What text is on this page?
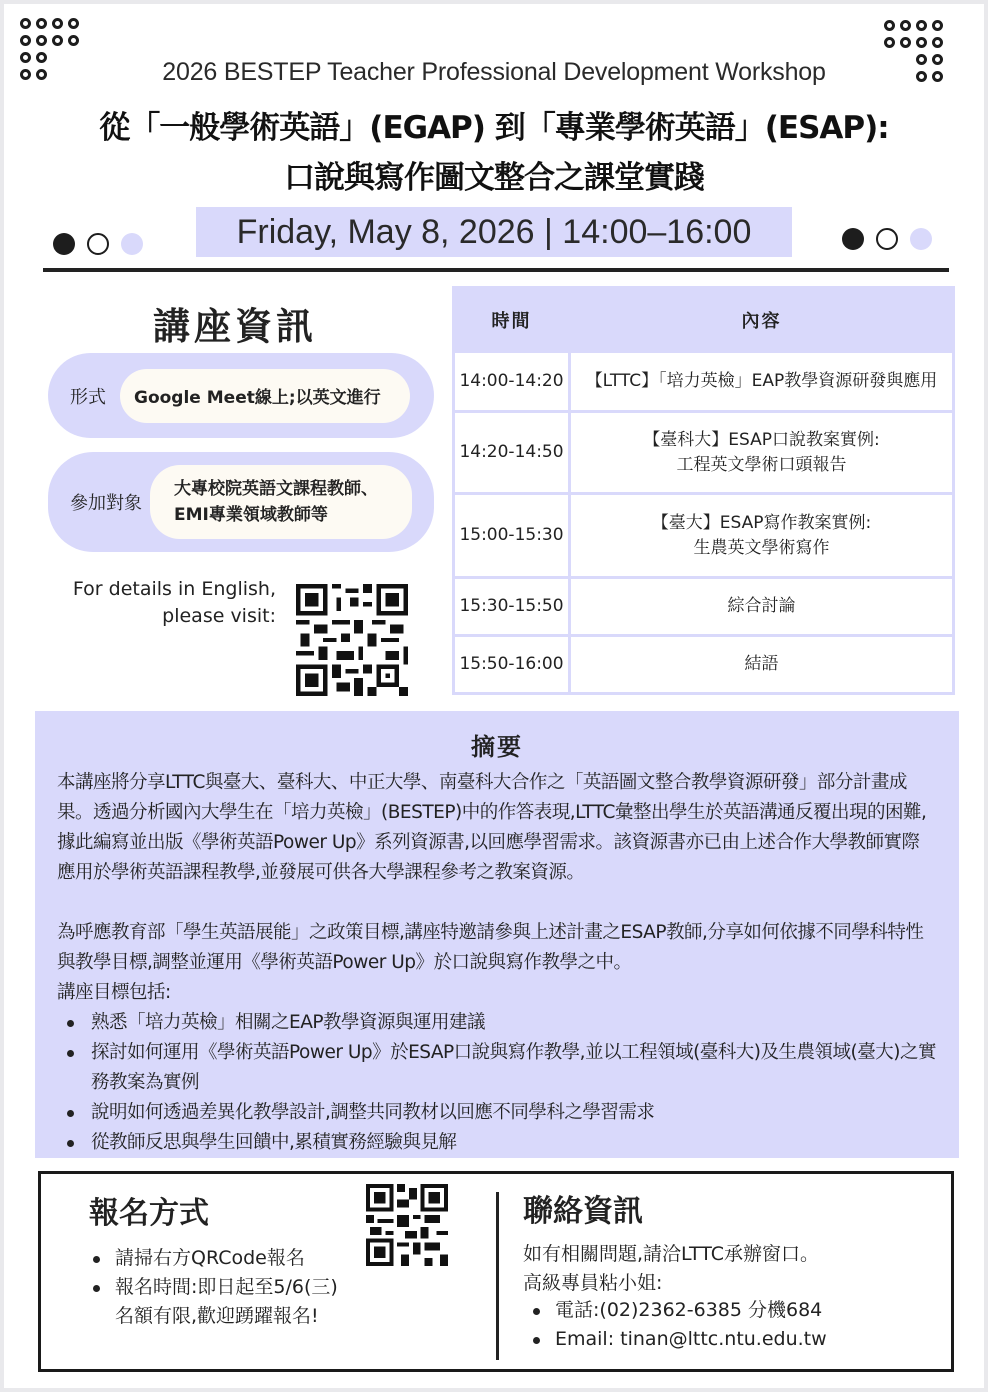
2026 BESTEP Teacher Professional Development Workshop
從「一般學術英語」(EGAP) 到「專業學術英語」(ESAP):
口說與寫作圖文整合之課堂實踐
Friday, May 8, 2026 | 14:00–16:00
講座資訊
形式 Google Meet線上;以英文進行
參加對象
大專校院英語文課程教師、
EMI專業領域教師等
For details in English,
please visit:
時間	內容
14:00-14:20	【LTTC】「培力英檢」EAP教學資源研發與應用
14:20-14:50	【臺科大】ESAP口說教案實例:
工程英文學術口頭報告

15:00-15:30	【臺大】ESAP寫作教案實例:
生農英文學術寫作

15:30-15:50	綜合討論
15:50-16:00	結語
摘要

本講座將分享LTTC與臺大、臺科大、中正大學、南臺科大合作之「英語圖文整合教學資源研發」部分計畫成果。透過分析國內大學生在「培力英檢」(BESTEP)中的作答表現,LTTC彙整出學生於英語溝通反覆出現的困難,據此編寫並出版《學術英語Power Up》系列資源書,以回應學習需求。該資源書亦已由上述合作大學教師實際應用於學術英語課程教學,並發展可供各大學課程參考之教案資源。

為呼應教育部「學生英語展能」之政策目標,講座特邀請參與上述計畫之ESAP教師,分享如何依據不同學科特性與教學目標,調整並運用《學術英語Power Up》於口說與寫作教學之中。

講座目標包括:

熟悉「培力英檢」相關之EAP教學資源與運用建議
探討如何運用《學術英語Power Up》於ESAP口說與寫作教學,並以工程領域(臺科大)及生農領域(臺大)之實務教案為實例
說明如何透過差異化教學設計,調整共同教材以回應不同學科之學習需求
從教師反思與學生回饋中,累積實務經驗與見解
報名方式
請掃右方QRCode報名
報名時間:即日起至5/6(三)
名額有限,歡迎踴躍報名!
聯絡資訊
如有相關問題,請洽LTTC承辦窗口。
高級專員粘小姐:
電話:(02)2362-6385 分機684
Email: tinan@lttc.ntu.edu.tw
